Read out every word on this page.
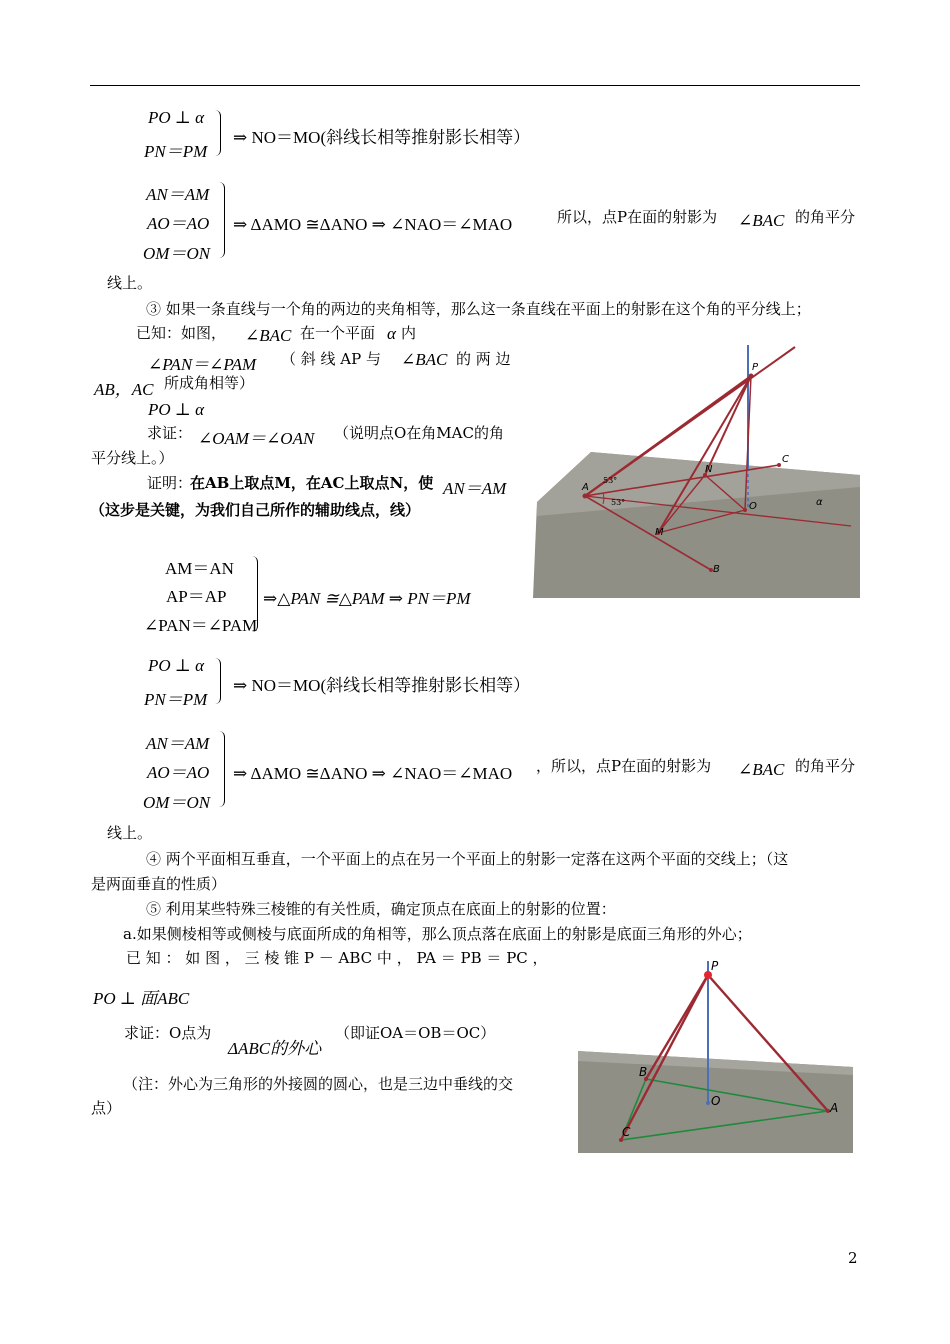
PO ⊥ α
PN＝PM
⇒ NO＝MO(斜线长相等推射影长相等）
AN＝AM
AO＝AO
OM＝ON
⇒ ΔAMO ≅ΔANO ⇒ ∠NAO＝∠MAO	所以，点P在面的射影为 ∠BAC 的角平分
线上。
③ 如果一条直线与一个角的两边的夹角相等，那么这一条直线在平面上的射影在这个角的平分线上；
已知：如图， ∠BAC 在一个平面 α 内
∠PAN＝∠PAM （ 斜 线 AP 与 ∠BAC 的 两 边
AB，AC 所成角相等）
PO ⊥ α
求证： ∠OAM＝∠OAN （说明点O在角MAC的角
平分线上。）
证明：
在AB上取点M，在AC上取点N，使 AN＝AM
（这步是关键，为我们自己所作的辅助线点，线）
P
C
N
A
O
M
B
α
53°
53°
AM＝AN
AP＝AP
∠PAN＝∠PAM
⇒△PAN ≅△PAM ⇒ PN＝PM
PO ⊥ α
PN＝PM
⇒ NO＝MO(斜线长相等推射影长相等）
AN＝AM
AO＝AO
OM＝ON
⇒ ΔAMO ≅ΔANO ⇒ ∠NAO＝∠MAO ，所以，点P在面的射影为 ∠BAC 的角平分
线上。
④ 两个平面相互垂直，一个平面上的点在另一个平面上的射影一定落在这两个平面的交线上；（这
是两面垂直的性质）
⑤ 利用某些特殊三棱锥的有关性质，确定顶点在底面上的射影的位置：
a.如果侧棱相等或侧棱与底面所成的角相等，那么顶点落在底面上的射影是底面三角形的外心；
已 知 ： 如 图 ， 三 棱 锥 P － ABC 中 ， PA ＝ PB ＝ PC ，
PO ⊥ 面ABC
求证：O点为
ΔABC的外心
（即证OA＝OB＝OC）
（注：外心为三角形的外接圆的圆心，也是三边中垂线的交
点）
P
B
O	A
C
2
